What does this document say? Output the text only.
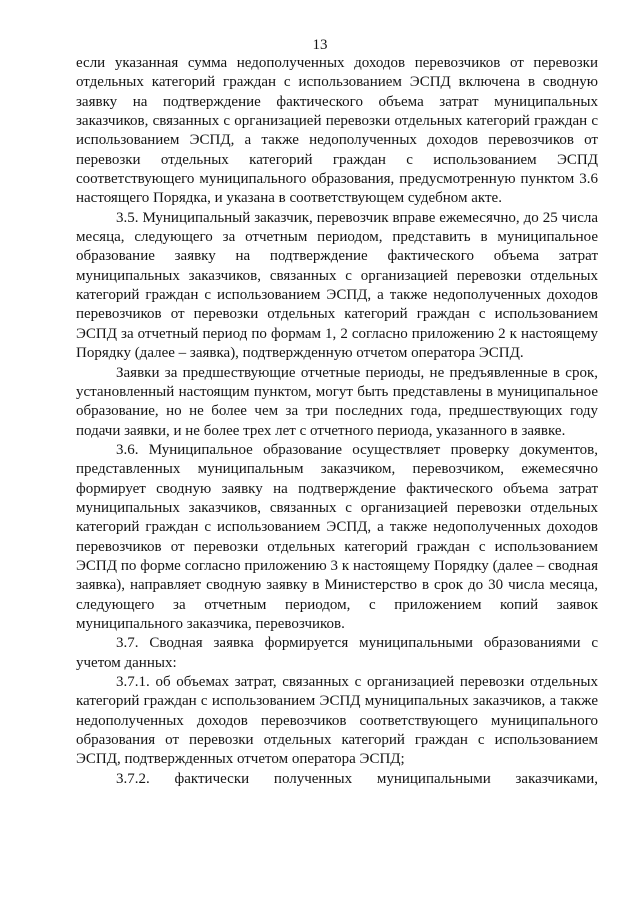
13

если указанная сумма недополученных доходов перевозчиков от перевозки отдельных категорий граждан с использованием ЭСПД включена в сводную заявку на подтверждение фактического объема затрат муниципальных заказчиков, связанных с организацией перевозки отдельных категорий граждан с использованием ЭСПД, а также недополученных доходов перевозчиков от перевозки отдельных категорий граждан с использованием ЭСПД соответствующего муниципального образования, предусмотренную пунктом 3.6 настоящего Порядка, и указана в соответствующем судебном акте.

3.5. Муниципальный заказчик, перевозчик вправе ежемесячно, до 25 числа месяца, следующего за отчетным периодом, представить в муниципальное образование заявку на подтверждение фактического объема затрат муниципальных заказчиков, связанных с организацией перевозки отдельных категорий граждан с использованием ЭСПД, а также недополученных доходов перевозчиков от перевозки отдельных категорий граждан с использованием ЭСПД за отчетный период по формам 1, 2 согласно приложению 2 к настоящему Порядку (далее – заявка), подтвержденную отчетом оператора ЭСПД.

Заявки за предшествующие отчетные периоды, не предъявленные в срок, установленный настоящим пунктом, могут быть представлены в муниципальное образование, но не более чем за три последних года, предшествующих году подачи заявки, и не более трех лет с отчетного периода, указанного в заявке.

3.6. Муниципальное образование осуществляет проверку документов, представленных муниципальным заказчиком, перевозчиком, ежемесячно формирует сводную заявку на подтверждение фактического объема затрат муниципальных заказчиков, связанных с организацией перевозки отдельных категорий граждан с использованием ЭСПД, а также недополученных доходов перевозчиков от перевозки отдельных категорий граждан с использованием ЭСПД по форме согласно приложению 3 к настоящему Порядку (далее – сводная заявка), направляет сводную заявку в Министерство в срок до 30 числа месяца, следующего за отчетным периодом, с приложением копий заявок муниципального заказчика, перевозчиков.

3.7. Сводная заявка формируется муниципальными образованиями с учетом данных:

3.7.1. об объемах затрат, связанных с организацией перевозки отдельных категорий граждан с использованием ЭСПД муниципальных заказчиков, а также недополученных доходов перевозчиков соответствующего муниципального образования от перевозки отдельных категорий граждан с использованием ЭСПД, подтвержденных отчетом оператора ЭСПД;

3.7.2. фактически полученных муниципальными заказчиками,
